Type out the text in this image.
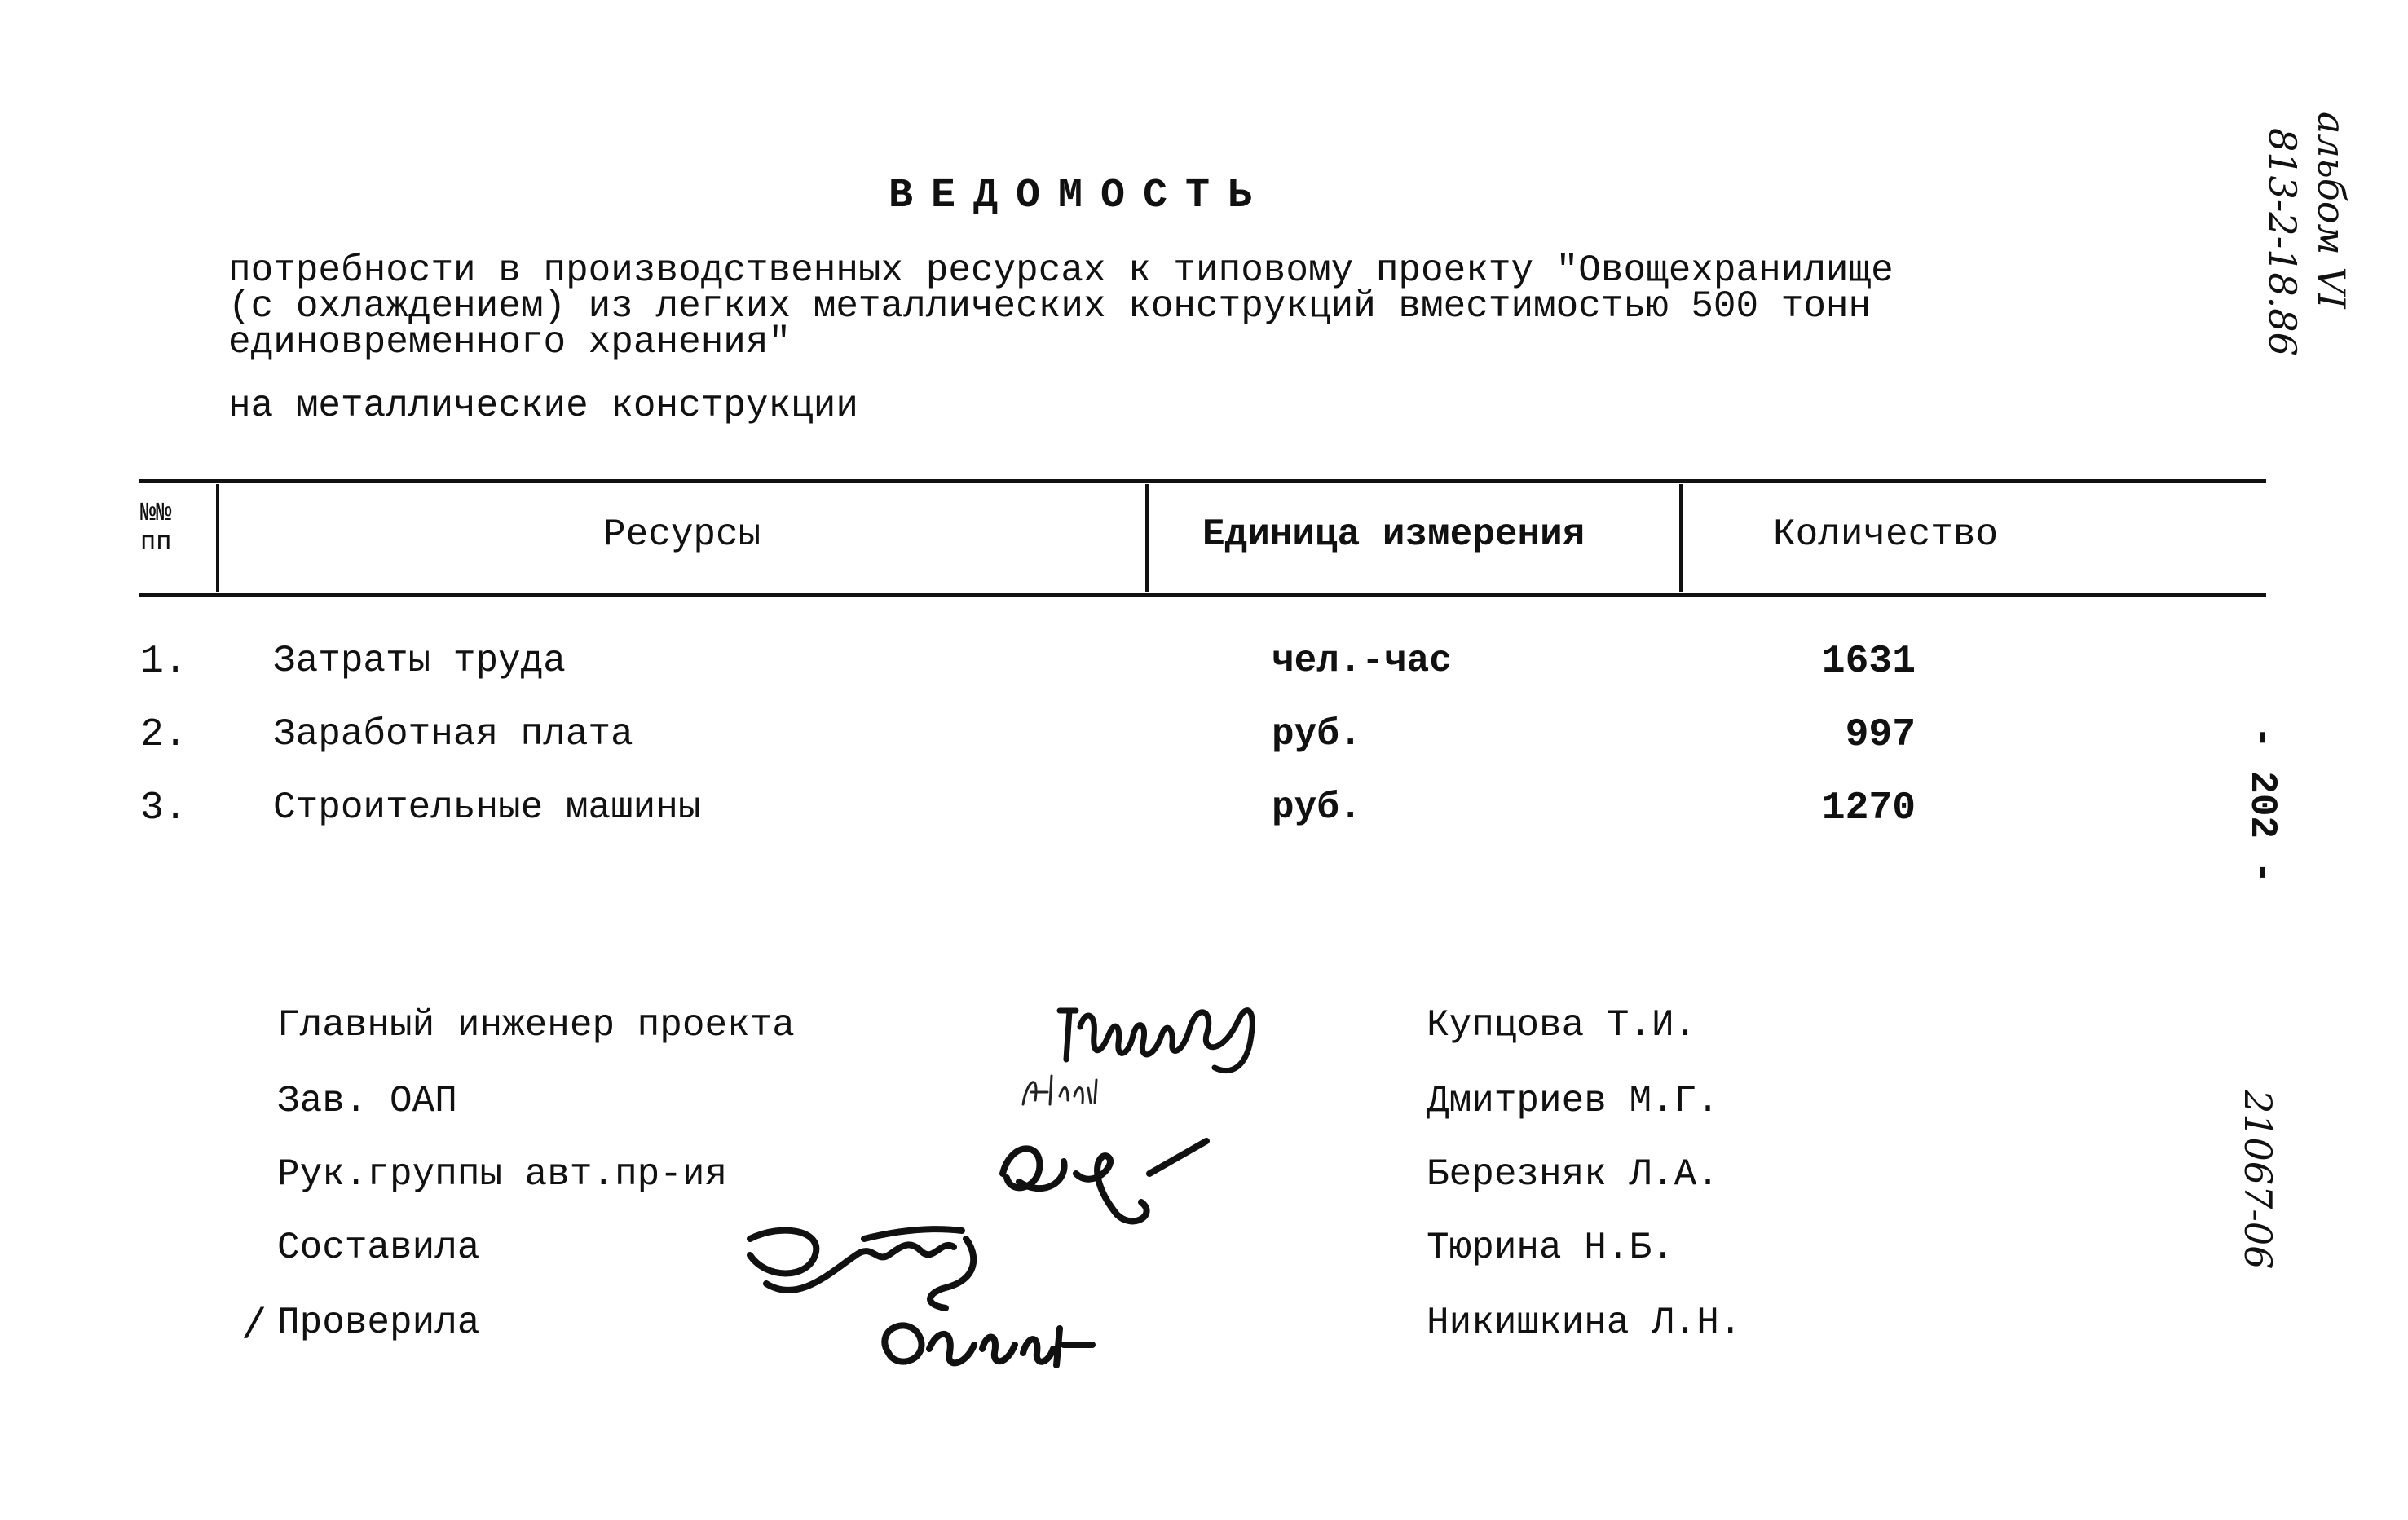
ВЕДОМОСТЬ
потребности в производственных ресурсах к типовому проекту "Овощехранилище
(с охлаждением) из легких металлических конструкций вместимостью 500 тонн
единовременного хранения"
на металлические конструкции
813-2-18.86 альбом VI
- 202 -
21067-06
№№ пп	Ресурсы	Единица измерения	Количество
1. Затраты труда	чел.-час	1631
2. Заработная плата	руб.	997
3. Строительные машины	руб.	1270
Главный инженер проекта	Купцова Т.И.
Зав. ОАП	Дмитриев М.Г.
Рук.группы авт.пр-ия	Березняк Л.А.
Составила	Тюрина Н.Б.
/ Проверила	Никишкина Л.Н.
